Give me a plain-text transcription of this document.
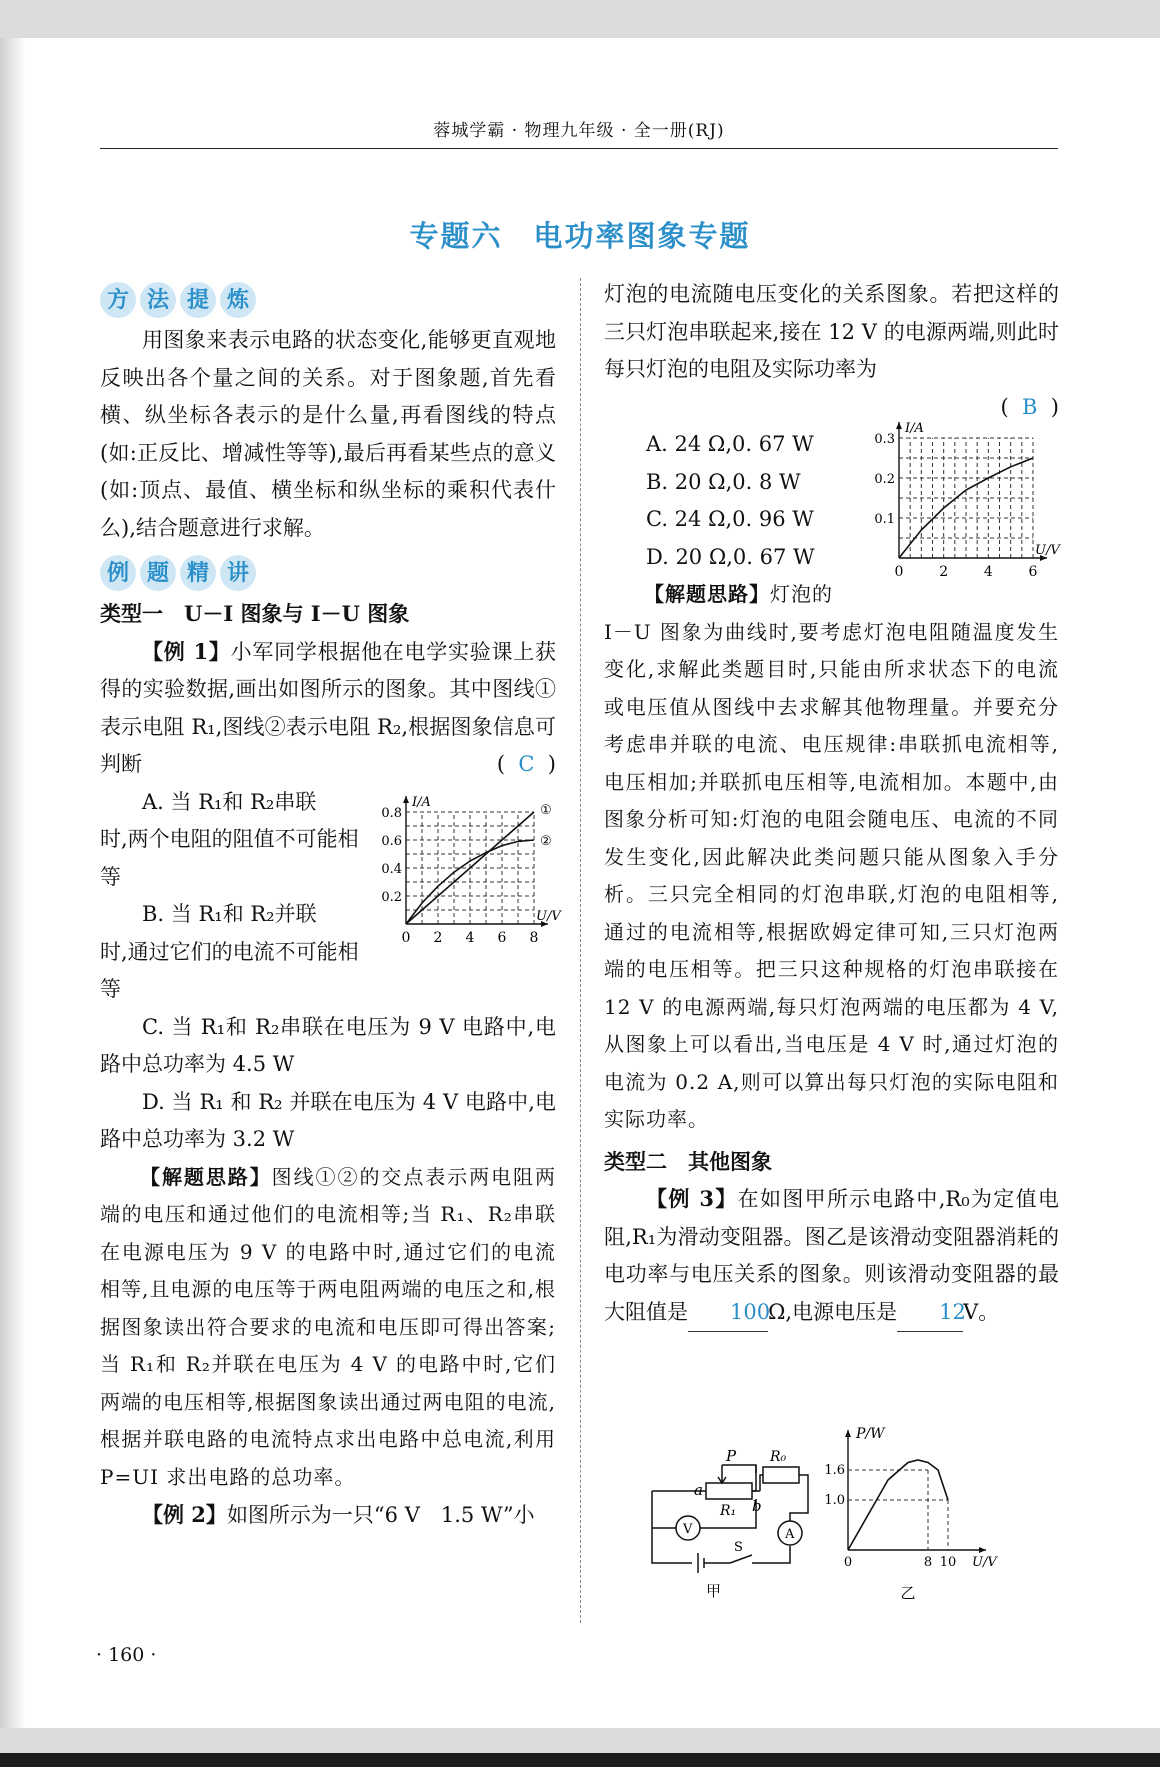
蓉城学霸 · 物理九年级 · 全一册(RJ)
专题六　电功率图象专题
方 法 提 炼

用图象来表示电路的状态变化,能够更直观地反映出各个量之间的关系。对于图象题,首先看横、纵坐标各表示的是什么量,再看图线的特点(如:正反比、增减性等等),最后再看某些点的意义(如:顶点、最值、横坐标和纵坐标的乘积代表什么),结合题意进行求解。

例 题 精 讲
类型一　U－I 图象与 I－U 图象

【例 1】小军同学根据他在电学实验课上获得的实验数据,画出如图所示的图象。其中图线①表示电阻 R₁,图线②表示电阻 R₂,根据图象信息可判断	(  C  )

0 2 4 6 8
0.2
0.4
0.6
0.8
I/A
U/V
①
②
A. 当 R₁和 R₂串联
时,两个电阻的阻值不可能相等
B. 当 R₁和 R₂并联
时,通过它们的电流不可能相等

C. 当 R₁和 R₂串联在电压为 9 V 电路中,电路中总功率为 4.5 W

D. 当 R₁ 和 R₂ 并联在电压为 4 V 电路中,电路中总功率为 3.2 W

【解题思路】图线①②的交点表示两电阻两端的电压和通过他们的电流相等;当 R₁、R₂串联在电源电压为 9 V 的电路中时,通过它们的电流相等,且电源的电压等于两电阻两端的电压之和,根据图象读出符合要求的电流和电压即可得出答案;当 R₁和 R₂并联在电压为 4 V 的电路中时,它们两端的电压相等,根据图象读出通过两电阻的电流,根据并联电路的电流特点求出电路中总电流,利用 P=UI 求出电路的总功率。

【例 2】如图所示为一只“6 V　1.5 W”小

灯泡的电流随电压变化的关系图象。若把这样的三只灯泡串联起来,接在 12 V 的电源两端,则此时每只灯泡的电阻及实际功率为

(  B  )
0	2	4	6
0.1
0.2
0.3
I/A
U/V
A. 24 Ω,0. 67 W
B. 20 Ω,0. 8 W
C. 24 Ω,0. 96 W
D. 20 Ω,0. 67 W
【解题思路】灯泡的

I－U 图象为曲线时,要考虑灯泡电阻随温度发生变化,求解此类题目时,只能由所求状态下的电流或电压值从图线中去求解其他物理量。并要充分考虑串并联的电流、电压规律:串联抓电流相等,电压相加;并联抓电压相等,电流相加。本题中,由图象分析可知:灯泡的电阻会随电压、电流的不同发生变化,因此解决此类问题只能从图象入手分析。三只完全相同的灯泡串联,灯泡的电阻相等,通过的电流相等,根据欧姆定律可知,三只灯泡两端的电压相等。把三只这种规格的灯泡串联接在 12 V 的电源两端,每只灯泡两端的电压都为 4 V,从图象上可以看出,当电压是 4 V 时,通过灯泡的电流为 0.2 A,则可以算出每只灯泡的实际电阻和实际功率。

类型二　其他图象

【例 3】在如图甲所示电路中,R₀为定值电阻,R₁为滑动变阻器。图乙是该滑动变阻器消耗的电功率与电压关系的图象。则该滑动变阻器的最大阻值是 100Ω,电源电压是 12V。

a
b
P
R₁
R₀
V	A
S
甲
P/W
U/V
1.6
1.0
0	8 10
乙
· 160 ·
